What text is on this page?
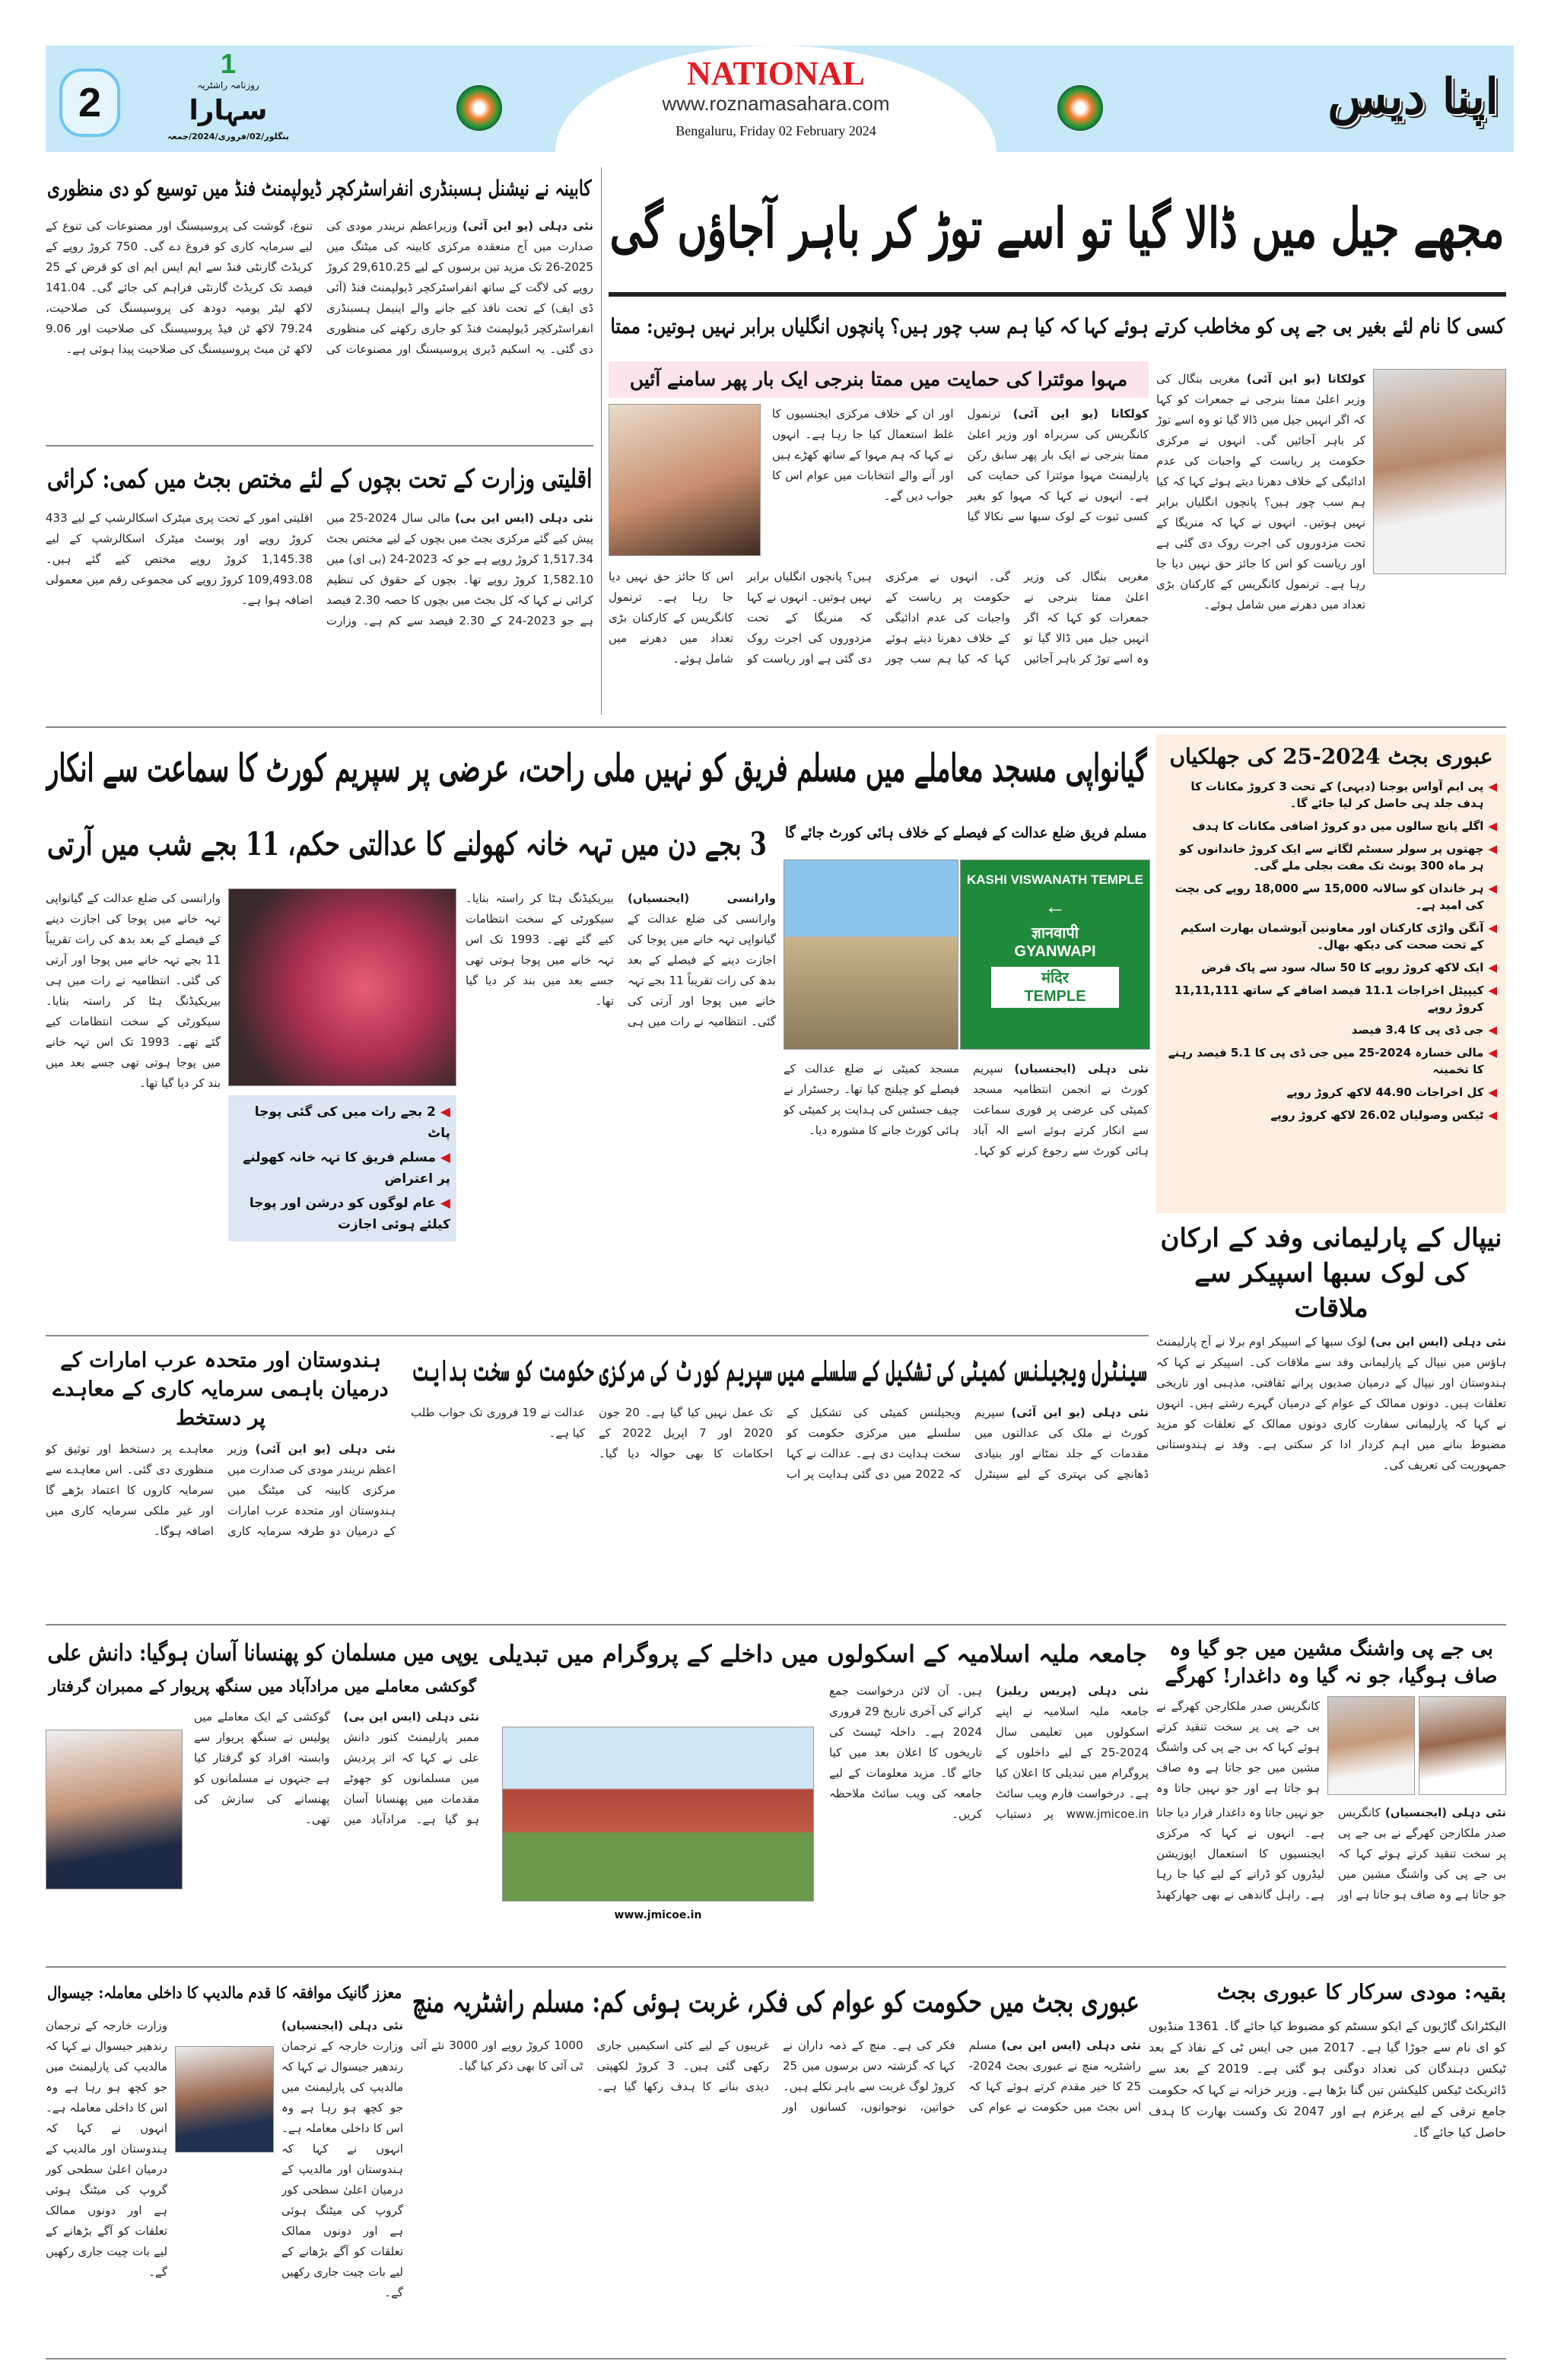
2
1
روزنامہ راشٹریہ
سہارا
بنگلور/02/فروری/2024/جمعہ
NATIONAL
www.roznamasahara.com
Bengaluru, Friday 02 February 2024
اپنا دیس
کابینہ نے نیشنل ہسبنڈری انفراسٹرکچر ڈیولپمنٹ فنڈ میں توسیع کو دی منظوری
نئی دہلی (یو این آئی) وزیراعظم نریندر مودی کی صدارت میں آج منعقدہ مرکزی کابینہ کی میٹنگ میں 2025-26 تک مزید تین برسوں کے لیے 29,610.25 کروڑ روپے کی لاگت کے ساتھ انفراسٹرکچر ڈیولپمنٹ فنڈ (آئی ڈی ایف) کے تحت نافذ کیے جانے والے اینیمل ہسبنڈری انفراسٹرکچر ڈیولپمنٹ فنڈ کو جاری رکھنے کی منظوری دی گئی۔ یہ اسکیم ڈیری پروسیسنگ اور مصنوعات کی تنوع، گوشت کی پروسیسنگ اور مصنوعات کی تنوع کے لیے سرمایہ کاری کو فروغ دے گی۔ 750 کروڑ روپے کے کریڈٹ گارنٹی فنڈ سے ایم ایس ایم ای کو قرض کے 25 فیصد تک کریڈٹ گارنٹی فراہم کی جائے گی۔ 141.04 لاکھ لیٹر یومیہ دودھ کی پروسیسنگ کی صلاحیت، 79.24 لاکھ ٹن فیڈ پروسیسنگ کی صلاحیت اور 9.06 لاکھ ٹن میٹ پروسیسنگ کی صلاحیت پیدا ہوئی ہے۔
اقلیتی وزارت کے تحت بچوں کے لئے مختص بجٹ میں کمی: کرائی
نئی دہلی (ایس این بی) مالی سال 2024-25 میں پیش کیے گئے مرکزی بجٹ میں بچوں کے لیے مختص بجٹ 1,517.34 کروڑ روپے ہے جو کہ 2023-24 (بی ای) میں 1,582.10 کروڑ روپے تھا۔ بچوں کے حقوق کی تنظیم کرائی نے کہا کہ کل بجٹ میں بچوں کا حصہ 2.30 فیصد ہے جو 2023-24 کے 2.30 فیصد سے کم ہے۔ وزارت اقلیتی امور کے تحت پری میٹرک اسکالرشپ کے لیے 433 کروڑ روپے اور پوسٹ میٹرک اسکالرشپ کے لیے 1,145.38 کروڑ روپے مختص کیے گئے ہیں۔ 109,493.08 کروڑ روپے کی مجموعی رقم میں معمولی اضافہ ہوا ہے۔
مجھے جیل میں ڈالا گیا تو اسے توڑ کر باہر آجاؤں گی
کسی کا نام لئے بغیر بی جے پی کو مخاطب کرتے ہوئے کہا کہ کیا ہم سب چور ہیں؟ پانچوں انگلیاں برابر نہیں ہوتیں: ممتا
مہوا موئترا کی حمایت میں ممتا بنرجی ایک بار پھر سامنے آئیں
کولکاتا (یو این آئی) ترنمول کانگریس کی سربراہ اور وزیر اعلیٰ ممتا بنرجی نے ایک بار پھر سابق رکن پارلیمنٹ مہوا موئترا کی حمایت کی ہے۔ انہوں نے کہا کہ مہوا کو بغیر کسی ثبوت کے لوک سبھا سے نکالا گیا اور ان کے خلاف مرکزی ایجنسیوں کا غلط استعمال کیا جا رہا ہے۔ انہوں نے کہا کہ ہم مہوا کے ساتھ کھڑے ہیں اور آنے والے انتخابات میں عوام اس کا جواب دیں گے۔
کولکاتا (یو این آئی) مغربی بنگال کی وزیر اعلیٰ ممتا بنرجی نے جمعرات کو کہا کہ اگر انہیں جیل میں ڈالا گیا تو وہ اسے توڑ کر باہر آجائیں گی۔ انہوں نے مرکزی حکومت پر ریاست کے واجبات کی عدم ادائیگی کے خلاف دھرنا دیتے ہوئے کہا کہ کیا ہم سب چور ہیں؟ پانچوں انگلیاں برابر نہیں ہوتیں۔ انہوں نے کہا کہ منریگا کے تحت مزدوروں کی اجرت روک دی گئی ہے اور ریاست کو اس کا جائز حق نہیں دیا جا رہا ہے۔ ترنمول کانگریس کے کارکنان بڑی تعداد میں دھرنے میں شامل ہوئے۔
مغربی بنگال کی وزیر اعلیٰ ممتا بنرجی نے جمعرات کو کہا کہ اگر انہیں جیل میں ڈالا گیا تو وہ اسے توڑ کر باہر آجائیں گی۔ انہوں نے مرکزی حکومت پر ریاست کے واجبات کی عدم ادائیگی کے خلاف دھرنا دیتے ہوئے کہا کہ کیا ہم سب چور ہیں؟ پانچوں انگلیاں برابر نہیں ہوتیں۔ انہوں نے کہا کہ منریگا کے تحت مزدوروں کی اجرت روک دی گئی ہے اور ریاست کو اس کا جائز حق نہیں دیا جا رہا ہے۔ ترنمول کانگریس کے کارکنان بڑی تعداد میں دھرنے میں شامل ہوئے۔
گیانواپی مسجد معاملے میں مسلم فریق کو نہیں ملی راحت، عرضی پر سپریم کورٹ کا سماعت سے انکار
3 بجے دن میں تہہ خانہ کھولنے کا عدالتی حکم، 11 بجے شب میں آرتی مسلم فریق ضلع عدالت کے فیصلے کے خلاف ہائی کورٹ جائے گا
KASHI VISWANATH TEMPLE
←
ज्ञानवापी
GYANWAPI
मंदिर
TEMPLE
وارانسی کی ضلع عدالت کے گیانواپی تہہ خانے میں پوجا کی اجازت دینے کے فیصلے کے بعد بدھ کی رات تقریباً 11 بجے تہہ خانے میں پوجا اور آرتی کی گئی۔ انتظامیہ نے رات میں ہی بیریکیڈنگ ہٹا کر راستہ بنایا۔ سیکورٹی کے سخت انتظامات کیے گئے تھے۔ 1993 تک اس تہہ خانے میں پوجا ہوتی تھی جسے بعد میں بند کر دیا گیا تھا۔
وارانسی (ایجنسیاں) وارانسی کی ضلع عدالت کے گیانواپی تہہ خانے میں پوجا کی اجازت دینے کے فیصلے کے بعد بدھ کی رات تقریباً 11 بجے تہہ خانے میں پوجا اور آرتی کی گئی۔ انتظامیہ نے رات میں ہی بیریکیڈنگ ہٹا کر راستہ بنایا۔ سیکورٹی کے سخت انتظامات کیے گئے تھے۔ 1993 تک اس تہہ خانے میں پوجا ہوتی تھی جسے بعد میں بند کر دیا گیا تھا۔
◀ 2 بجے رات میں کی گئی پوجا پاٹ
◀ مسلم فریق کا تہہ خانہ کھولنے پر اعتراض
◀ عام لوگوں کو درشن اور پوجا کیلئے ہوئی اجازت
نئی دہلی (ایجنسیاں) سپریم کورٹ نے انجمن انتظامیہ مسجد کمیٹی کی عرضی پر فوری سماعت سے انکار کرتے ہوئے اسے الہ آباد ہائی کورٹ سے رجوع کرنے کو کہا۔ مسجد کمیٹی نے ضلع عدالت کے فیصلے کو چیلنج کیا تھا۔ رجسٹرار نے چیف جسٹس کی ہدایت پر کمیٹی کو ہائی کورٹ جانے کا مشورہ دیا۔
عبوری بجٹ 2024-25 کی جھلکیاں
◀
پی ایم آواس یوجنا (دیہی) کے تحت 3 کروڑ مکانات کا ہدف جلد ہی حاصل کر لیا جائے گا۔
◀
اگلے پانچ سالوں میں دو کروڑ اضافی مکانات کا ہدف
◀
چھتوں پر سولر سسٹم لگانے سے ایک کروڑ خاندانوں کو ہر ماہ 300 یونٹ تک مفت بجلی ملے گی۔
◀
ہر خاندان کو سالانہ 15,000 سے 18,000 روپے کی بچت کی امید ہے۔
◀
آنگن واڑی کارکنان اور معاونین آیوشمان بھارت اسکیم کے تحت صحت کی دیکھ بھال۔
◀
ایک لاکھ کروڑ روپے کا 50 سالہ سود سے پاک قرض
◀
کیپیٹل اخراجات 11.1 فیصد اضافے کے ساتھ 11,11,111 کروڑ روپے
◀
جی ڈی پی کا 3.4 فیصد
◀
مالی خسارہ 2024-25 میں جی ڈی پی کا 5.1 فیصد رہنے کا تخمینہ
◀
کل اخراجات 44.90 لاکھ کروڑ روپے
◀
ٹیکس وصولیاں 26.02 لاکھ کروڑ روپے
نیپال کے پارلیمانی وفد کے ارکان کی لوک سبھا اسپیکر سے ملاقات
نئی دہلی (ایس این بی) لوک سبھا کے اسپیکر اوم برلا نے آج پارلیمنٹ ہاؤس میں نیپال کے پارلیمانی وفد سے ملاقات کی۔ اسپیکر نے کہا کہ ہندوستان اور نیپال کے درمیان صدیوں پرانے ثقافتی، مذہبی اور تاریخی تعلقات ہیں۔ دونوں ممالک کے عوام کے درمیان گہرے رشتے ہیں۔ انہوں نے کہا کہ پارلیمانی سفارت کاری دونوں ممالک کے تعلقات کو مزید مضبوط بنانے میں اہم کردار ادا کر سکتی ہے۔ وفد نے ہندوستانی جمہوریت کی تعریف کی۔
ہندوستان اور متحدہ عرب امارات کے درمیان باہمی سرمایہ کاری کے معاہدے پر دستخط
نئی دہلی (یو این آئی) وزیر اعظم نریندر مودی کی صدارت میں مرکزی کابینہ کی میٹنگ میں ہندوستان اور متحدہ عرب امارات کے درمیان دو طرفہ سرمایہ کاری معاہدے پر دستخط اور توثیق کو منظوری دی گئی۔ اس معاہدے سے سرمایہ کاروں کا اعتماد بڑھے گا اور غیر ملکی سرمایہ کاری میں اضافہ ہوگا۔
سینٹرل ویجیلنس کمیٹی کی تشکیل کے سلسلے میں سپریم کورٹ کی مرکزی حکومت کو سخت ہدایت
نئی دہلی (یو این آئی) سپریم کورٹ نے ملک کی عدالتوں میں مقدمات کے جلد نمٹانے اور بنیادی ڈھانچے کی بہتری کے لیے سینٹرل ویجیلنس کمیٹی کی تشکیل کے سلسلے میں مرکزی حکومت کو سخت ہدایت دی ہے۔ عدالت نے کہا کہ 2022 میں دی گئی ہدایت پر اب تک عمل نہیں کیا گیا ہے۔ 20 جون 2020 اور 7 اپریل 2022 کے احکامات کا بھی حوالہ دیا گیا۔ عدالت نے 19 فروری تک جواب طلب کیا ہے۔
یوپی میں مسلمان کو پھنسانا آسان ہوگیا: دانش علی
گوکشی معاملے میں مرادآباد میں سنگھ پریوار کے ممبران گرفتار
نئی دہلی (ایس این بی) ممبر پارلیمنٹ کنور دانش علی نے کہا کہ اتر پردیش میں مسلمانوں کو جھوٹے مقدمات میں پھنسانا آسان ہو گیا ہے۔ مرادآباد میں گوکشی کے ایک معاملے میں پولیس نے سنگھ پریوار سے وابستہ افراد کو گرفتار کیا ہے جنہوں نے مسلمانوں کو پھنسانے کی سازش کی تھی۔
جامعہ ملیہ اسلامیہ کے اسکولوں میں داخلے کے پروگرام میں تبدیلی
www.jmicoe.in
نئی دہلی (پریس ریلیز) جامعہ ملیہ اسلامیہ نے اپنے اسکولوں میں تعلیمی سال 2024-25 کے لیے داخلوں کے پروگرام میں تبدیلی کا اعلان کیا ہے۔ درخواست فارم ویب سائٹ www.jmicoe.in پر دستیاب ہیں۔ آن لائن درخواست جمع کرانے کی آخری تاریخ 29 فروری 2024 ہے۔ داخلہ ٹیسٹ کی تاریخوں کا اعلان بعد میں کیا جائے گا۔ مزید معلومات کے لیے جامعہ کی ویب سائٹ ملاحظہ کریں۔
بی جے پی واشنگ مشین میں جو گیا وہ صاف ہوگیا، جو نہ گیا وہ داغدار! کھرگے
کانگریس صدر ملکارجن کھرگے نے بی جے پی پر سخت تنقید کرتے ہوئے کہا کہ بی جے پی کی واشنگ مشین میں جو جاتا ہے وہ صاف ہو جاتا ہے اور جو نہیں جاتا وہ
نئی دہلی (ایجنسیاں) کانگریس صدر ملکارجن کھرگے نے بی جے پی پر سخت تنقید کرتے ہوئے کہا کہ بی جے پی کی واشنگ مشین میں جو جاتا ہے وہ صاف ہو جاتا ہے اور جو نہیں جاتا وہ داغدار قرار دیا جاتا ہے۔ انہوں نے کہا کہ مرکزی ایجنسیوں کا استعمال اپوزیشن لیڈروں کو ڈرانے کے لیے کیا جا رہا ہے۔ راہل گاندھی نے بھی جھارکھنڈ
معزز گانیک موافقہ کا قدم مالدیپ کا داخلی معاملہ: جیسوال
نئی دہلی (ایجنسیاں) وزارت خارجہ کے ترجمان رندھیر جیسوال نے کہا کہ مالدیپ کی پارلیمنٹ میں جو کچھ ہو رہا ہے وہ اس کا داخلی معاملہ ہے۔ انہوں نے کہا کہ ہندوستان اور مالدیپ کے درمیان اعلیٰ سطحی کور گروپ کی میٹنگ ہوئی ہے اور دونوں ممالک تعلقات کو آگے بڑھانے کے لیے بات چیت جاری رکھیں گے۔
وزارت خارجہ کے ترجمان رندھیر جیسوال نے کہا کہ مالدیپ کی پارلیمنٹ میں جو کچھ ہو رہا ہے وہ اس کا داخلی معاملہ ہے۔ انہوں نے کہا کہ ہندوستان اور مالدیپ کے درمیان اعلیٰ سطحی کور گروپ کی میٹنگ ہوئی ہے اور دونوں ممالک تعلقات کو آگے بڑھانے کے لیے بات چیت جاری رکھیں گے۔
عبوری بجٹ میں حکومت کو عوام کی فکر، غربت ہوئی کم: مسلم راشٹریہ منچ
نئی دہلی (ایس این بی) مسلم راشٹریہ منچ نے عبوری بجٹ 2024-25 کا خیر مقدم کرتے ہوئے کہا کہ اس بجٹ میں حکومت نے عوام کی فکر کی ہے۔ منچ کے ذمہ داران نے کہا کہ گزشتہ دس برسوں میں 25 کروڑ لوگ غربت سے باہر نکلے ہیں۔ خواتین، نوجوانوں، کسانوں اور غریبوں کے لیے کئی اسکیمیں جاری رکھی گئی ہیں۔ 3 کروڑ لکھپتی دیدی بنانے کا ہدف رکھا گیا ہے۔ 1000 کروڑ روپے اور 3000 نئے آئی ٹی آئی کا بھی ذکر کیا گیا۔
بقیہ: مودی سرکار کا عبوری بجٹ
الیکٹرانک گاڑیوں کے ایکو سسٹم کو مضبوط کیا جائے گا۔ 1361 منڈیوں کو ای نام سے جوڑا گیا ہے۔ 2017 میں جی ایس ٹی کے نفاذ کے بعد ٹیکس دہندگان کی تعداد دوگنی ہو گئی ہے۔ 2019 کے بعد سے ڈائریکٹ ٹیکس کلیکشن تین گنا بڑھا ہے۔ وزیر خزانہ نے کہا کہ حکومت جامع ترقی کے لیے پرعزم ہے اور 2047 تک وکست بھارت کا ہدف حاصل کیا جائے گا۔
